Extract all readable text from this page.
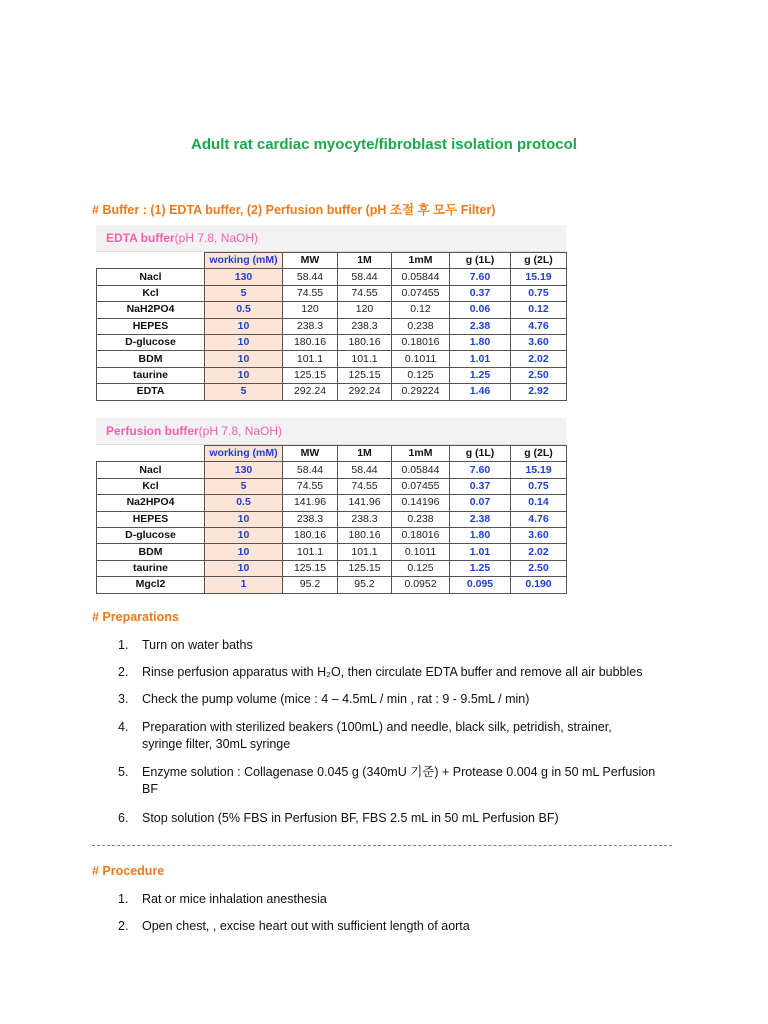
Adult rat cardiac myocyte/fibroblast isolation protocol
# Buffer : (1) EDTA buffer, (2) Perfusion buffer (pH 조절 후 모두 Filter)
EDTA buffer (pH 7.8, NaOH)
	working (mM)	MW	1M	1mM	g (1L)	g (2L)
Nacl	130	58.44	58.44	0.05844	7.60	15.19
Kcl	5	74.55	74.55	0.07455	0.37	0.75
NaH2PO4	0.5	120	120	0.12	0.06	0.12
HEPES	10	238.3	238.3	0.238	2.38	4.76
D-glucose	10	180.16	180.16	0.18016	1.80	3.60
BDM	10	101.1	101.1	0.1011	1.01	2.02
taurine	10	125.15	125.15	0.125	1.25	2.50
EDTA	5	292.24	292.24	0.29224	1.46	2.92
Perfusion buffer (pH 7.8, NaOH)
	working (mM)	MW	1M	1mM	g (1L)	g (2L)
Nacl	130	58.44	58.44	0.05844	7.60	15.19
Kcl	5	74.55	74.55	0.07455	0.37	0.75
Na2HPO4	0.5	141.96	141.96	0.14196	0.07	0.14
HEPES	10	238.3	238.3	0.238	2.38	4.76
D-glucose	10	180.16	180.16	0.18016	1.80	3.60
BDM	10	101.1	101.1	0.1011	1.01	2.02
taurine	10	125.15	125.15	0.125	1.25	2.50
Mgcl2	1	95.2	95.2	0.0952	0.095	0.190
# Preparations
1.	Turn on water baths
2.	Rinse perfusion apparatus with H₂O, then circulate EDTA buffer and remove all air bubbles
3.	Check the pump volume (mice : 4 – 4.5mL / min , rat : 9 - 9.5mL / min)
4.	Preparation with sterilized beakers (100mL) and needle, black silk, petridish, strainer, syringe filter, 30mL syringe
5.	Enzyme solution : Collagenase 0.045 g (340mU 기준) + Protease 0.004 g in 50 mL Perfusion BF
6.	Stop solution (5% FBS in Perfusion BF, FBS 2.5 mL in 50 mL Perfusion BF)
# Procedure
1.	Rat or mice inhalation anesthesia
2.	Open chest, , excise heart out with sufficient length of aorta
